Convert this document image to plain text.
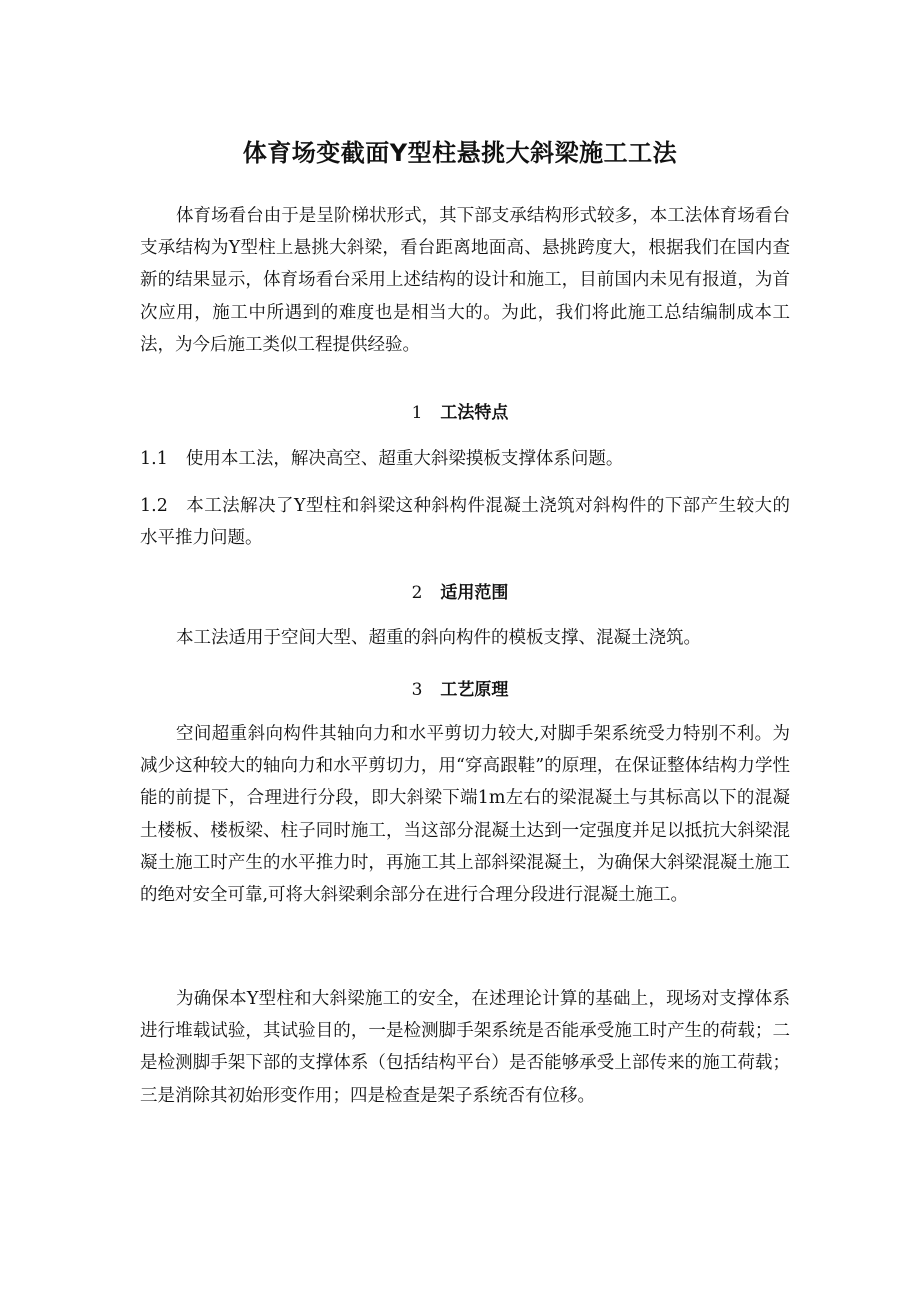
体育场变截面Y型柱悬挑大斜梁施工工法

体育场看台由于是呈阶梯状形式，其下部支承结构形式较多，本工法体育场看台支承结构为Y型柱上悬挑大斜梁，看台距离地面高、悬挑跨度大，根据我们在国内查新的结果显示，体育场看台采用上述结构的设计和施工，目前国内未见有报道，为首次应用，施工中所遇到的难度也是相当大的。为此，我们将此施工总结编制成本工法，为今后施工类似工程提供经验。

1 工法特点

1.1 使用本工法，解决高空、超重大斜梁摸板支撑体系问题。

1.2 本工法解决了Y型柱和斜梁这种斜构件混凝土浇筑对斜构件的下部产生较大的水平推力问题。

2 适用范围

本工法适用于空间大型、超重的斜向构件的模板支撑、混凝土浇筑。

3 工艺原理

空间超重斜向构件其轴向力和水平剪切力较大,对脚手架系统受力特别不利。为减少这种较大的轴向力和水平剪切力，用“穿高跟鞋”的原理，在保证整体结构力学性能的前提下，合理进行分段，即大斜梁下端1m左右的梁混凝土与其标高以下的混凝土楼板、楼板梁、柱子同时施工，当这部分混凝土达到一定强度并足以抵抗大斜梁混凝土施工时产生的水平推力时，再施工其上部斜梁混凝土，为确保大斜梁混凝土施工的绝对安全可靠,可将大斜梁剩余部分在进行合理分段进行混凝土施工。

为确保本Y型柱和大斜梁施工的安全，在述理论计算的基础上，现场对支撑体系进行堆载试验，其试验目的，一是检测脚手架系统是否能承受施工时产生的荷载；二是检测脚手架下部的支撑体系（包括结构平台）是否能够承受上部传来的施工荷载；三是消除其初始形变作用；四是检查是架子系统否有位移。
